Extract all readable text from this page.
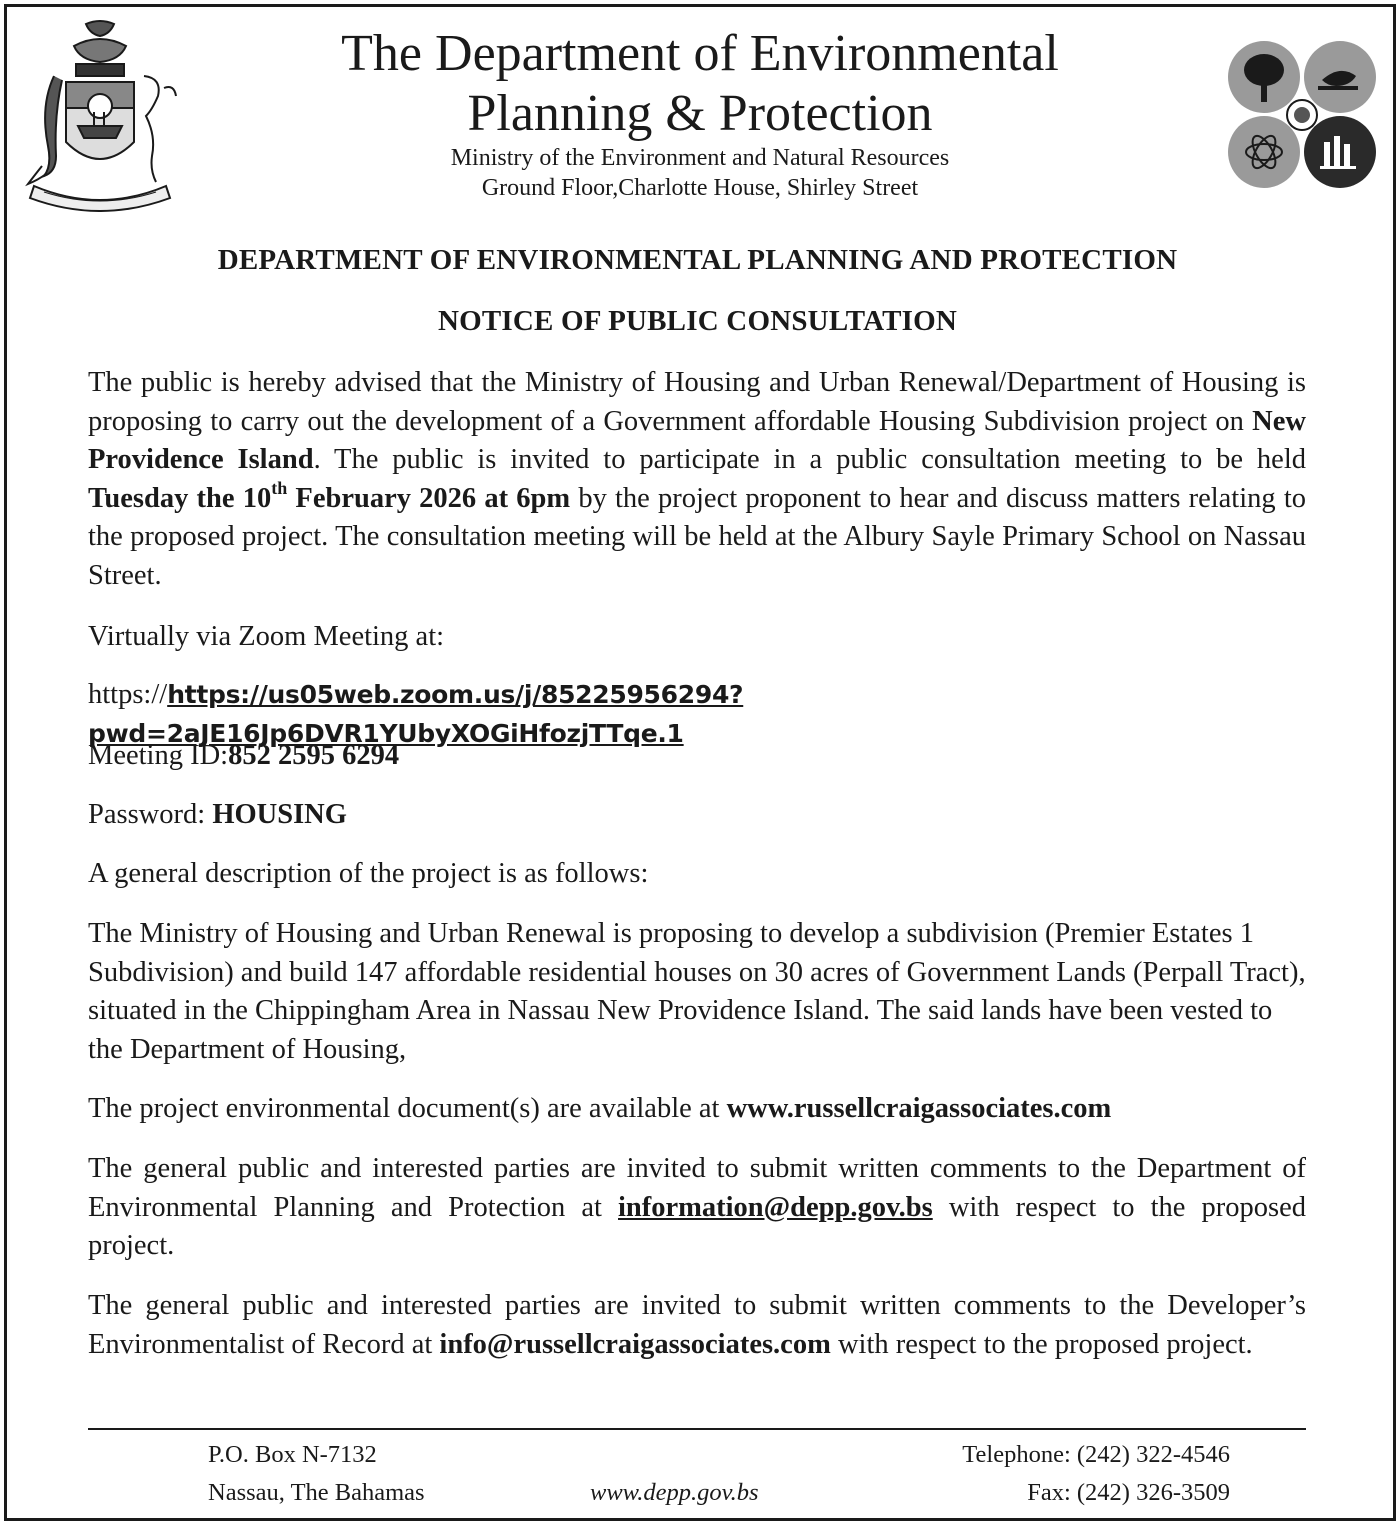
The Department of Environmental
Planning & Protection
Ministry of the Environment and Natural Resources
Ground Floor,Charlotte House, Shirley Street
DEPARTMENT OF ENVIRONMENTAL PLANNING AND PROTECTION
NOTICE OF PUBLIC CONSULTATION
The public is hereby advised that the Ministry of Housing and Urban Renewal/Department of Housing is proposing to carry out the development of a Government affordable Housing Subdivision project on New Providence Island. The public is invited to participate in a public consultation meeting to be held Tuesday the 10th February 2026 at 6pm by the project proponent to hear and discuss matters relating to the proposed project. The consultation meeting will be held at the Albury Sayle Primary School on Nassau Street.
Virtually via Zoom Meeting at:
https://https://us05web.zoom.us/j/85225956294?pwd=2aJE16Jp6DVR1YUbyXOGiHfozjTTqe.1
Meeting ID:852 2595 6294
Password: HOUSING
A general description of the project is as follows:
The Ministry of Housing and Urban Renewal is proposing to develop a subdivision (Premier Estates 1 Subdivision) and build 147 affordable residential houses on 30 acres of Government Lands (Perpall Tract), situated in the Chippingham Area in Nassau New Providence Island. The said lands have been vested to the Department of Housing,
The project environmental document(s) are available at www.russellcraigassociates.com
The general public and interested parties are invited to submit written comments to the Department of Environmental Planning and Protection at information@depp.gov.bs with respect to the proposed project.
The general public and interested parties are invited to submit written comments to the Developer’s Environmentalist of Record at info@russellcraigassociates.com with respect to the proposed project.
P.O. Box N-7132
Nassau, The Bahamas	www.depp.gov.bs
Telephone: (242) 322-4546
Fax: (242) 326-3509
